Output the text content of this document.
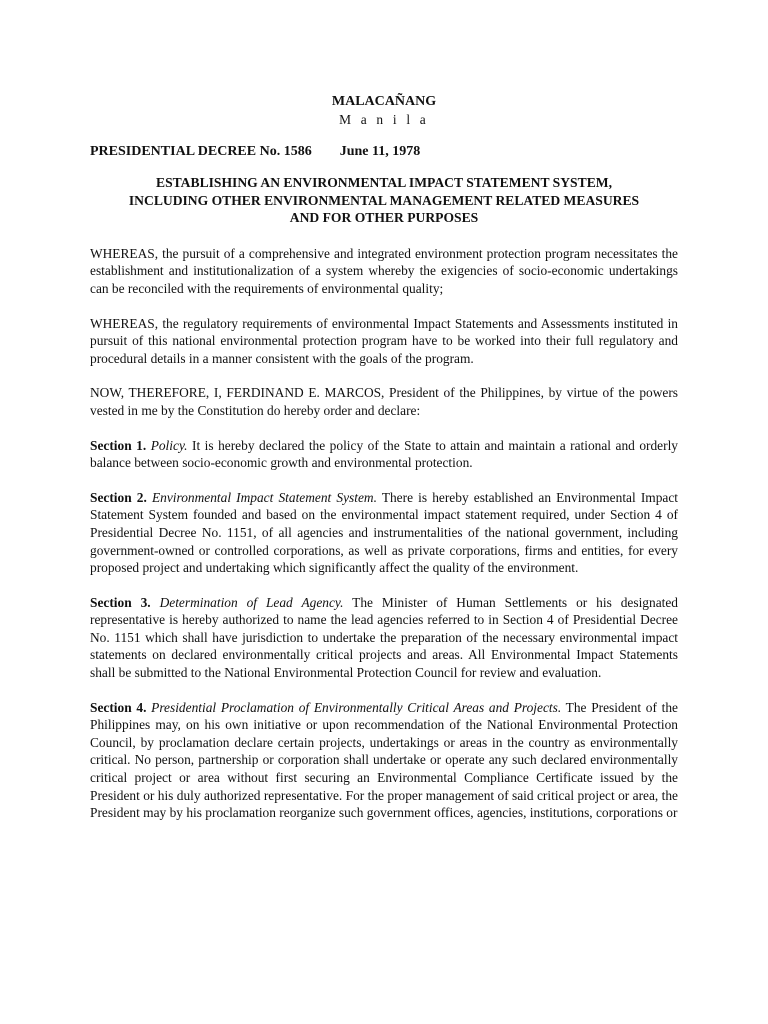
MALACAÑANG
M a n i l a
PRESIDENTIAL DECREE No. 1586 June 11, 1978
ESTABLISHING AN ENVIRONMENTAL IMPACT STATEMENT SYSTEM,
INCLUDING OTHER ENVIRONMENTAL MANAGEMENT RELATED MEASURES
AND FOR OTHER PURPOSES

WHEREAS, the pursuit of a comprehensive and integrated environment protection program necessitates the establishment and institutionalization of a system whereby the exigencies of socio-economic undertakings can be reconciled with the requirements of environmental quality;

WHEREAS, the regulatory requirements of environmental Impact Statements and Assessments instituted in pursuit of this national environmental protection program have to be worked into their full regulatory and procedural details in a manner consistent with the goals of the program.

NOW, THEREFORE, I, FERDINAND E. MARCOS, President of the Philippines, by virtue of the powers vested in me by the Constitution do hereby order and declare:

Section 1. Policy. It is hereby declared the policy of the State to attain and maintain a rational and orderly balance between socio-economic growth and environmental protection.

Section 2. Environmental Impact Statement System. There is hereby established an Environmental Impact Statement System founded and based on the environmental impact statement required, under Section 4 of Presidential Decree No. 1151, of all agencies and instrumentalities of the national government, including government-owned or controlled corporations, as well as private corporations, firms and entities, for every proposed project and undertaking which significantly affect the quality of the environment.

Section 3. Determination of Lead Agency. The Minister of Human Settlements or his designated representative is hereby authorized to name the lead agencies referred to in Section 4 of Presidential Decree No. 1151 which shall have jurisdiction to undertake the preparation of the necessary environmental impact statements on declared environmentally critical projects and areas. All Environmental Impact Statements shall be submitted to the National Environmental Protection Council for review and evaluation.

Section 4. Presidential Proclamation of Environmentally Critical Areas and Projects. The President of the Philippines may, on his own initiative or upon recommendation of the National Environmental Protection Council, by proclamation declare certain projects, undertakings or areas in the country as environmentally critical. No person, partnership or corporation shall undertake or operate any such declared environmentally critical project or area without first securing an Environmental Compliance Certificate issued by the President or his duly authorized representative. For the proper management of said critical project or area, the President may by his proclamation reorganize such government offices, agencies, institutions, corporations or
